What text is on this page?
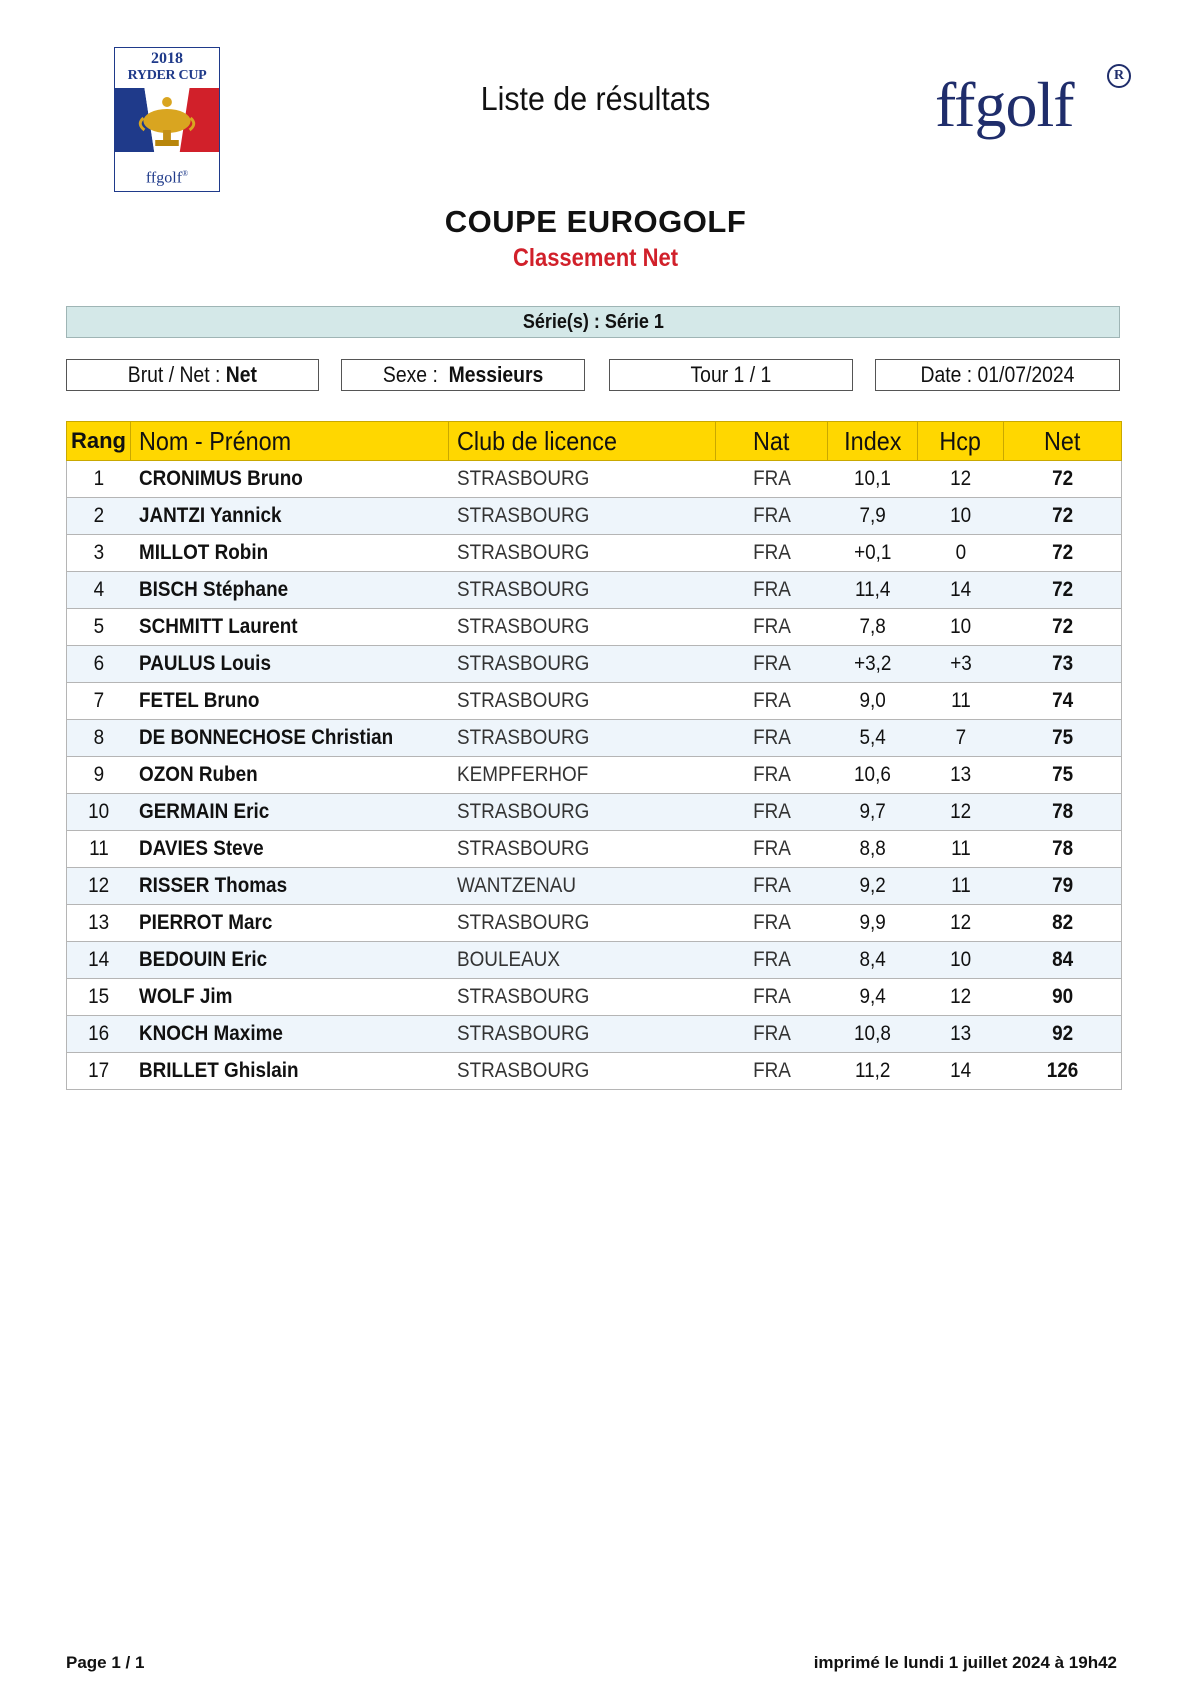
2018
RYDER CUP
ffgolf®
Liste de résultats	ffgolf	R
COUPE EUROGOLF
Classement Net
Série(s) : Série 1
Brut / Net : Net	Sexe : Messieurs	Tour 1 / 1	Date : 01/07/2024
Rang	Nom - Prénom	Club de licence	Nat	Index	Hcp	Net
1	CRONIMUS Bruno	STRASBOURG	FRA	10,1	12	72
2	JANTZI Yannick	STRASBOURG	FRA	7,9	10	72
3	MILLOT Robin	STRASBOURG	FRA	+0,1	0	72
4	BISCH Stéphane	STRASBOURG	FRA	11,4	14	72
5	SCHMITT Laurent	STRASBOURG	FRA	7,8	10	72
6	PAULUS Louis	STRASBOURG	FRA	+3,2	+3	73
7	FETEL Bruno	STRASBOURG	FRA	9,0	11	74
8	DE BONNECHOSE Christian	STRASBOURG	FRA	5,4	7	75
9	OZON Ruben	KEMPFERHOF	FRA	10,6	13	75
10	GERMAIN Eric	STRASBOURG	FRA	9,7	12	78
11	DAVIES Steve	STRASBOURG	FRA	8,8	11	78
12	RISSER Thomas	WANTZENAU	FRA	9,2	11	79
13	PIERROT Marc	STRASBOURG	FRA	9,9	12	82
14	BEDOUIN Eric	BOULEAUX	FRA	8,4	10	84
15	WOLF Jim	STRASBOURG	FRA	9,4	12	90
16	KNOCH Maxime	STRASBOURG	FRA	10,8	13	92
17	BRILLET Ghislain	STRASBOURG	FRA	11,2	14	126
Page 1 / 1	imprimé le lundi 1 juillet 2024 à 19h42
